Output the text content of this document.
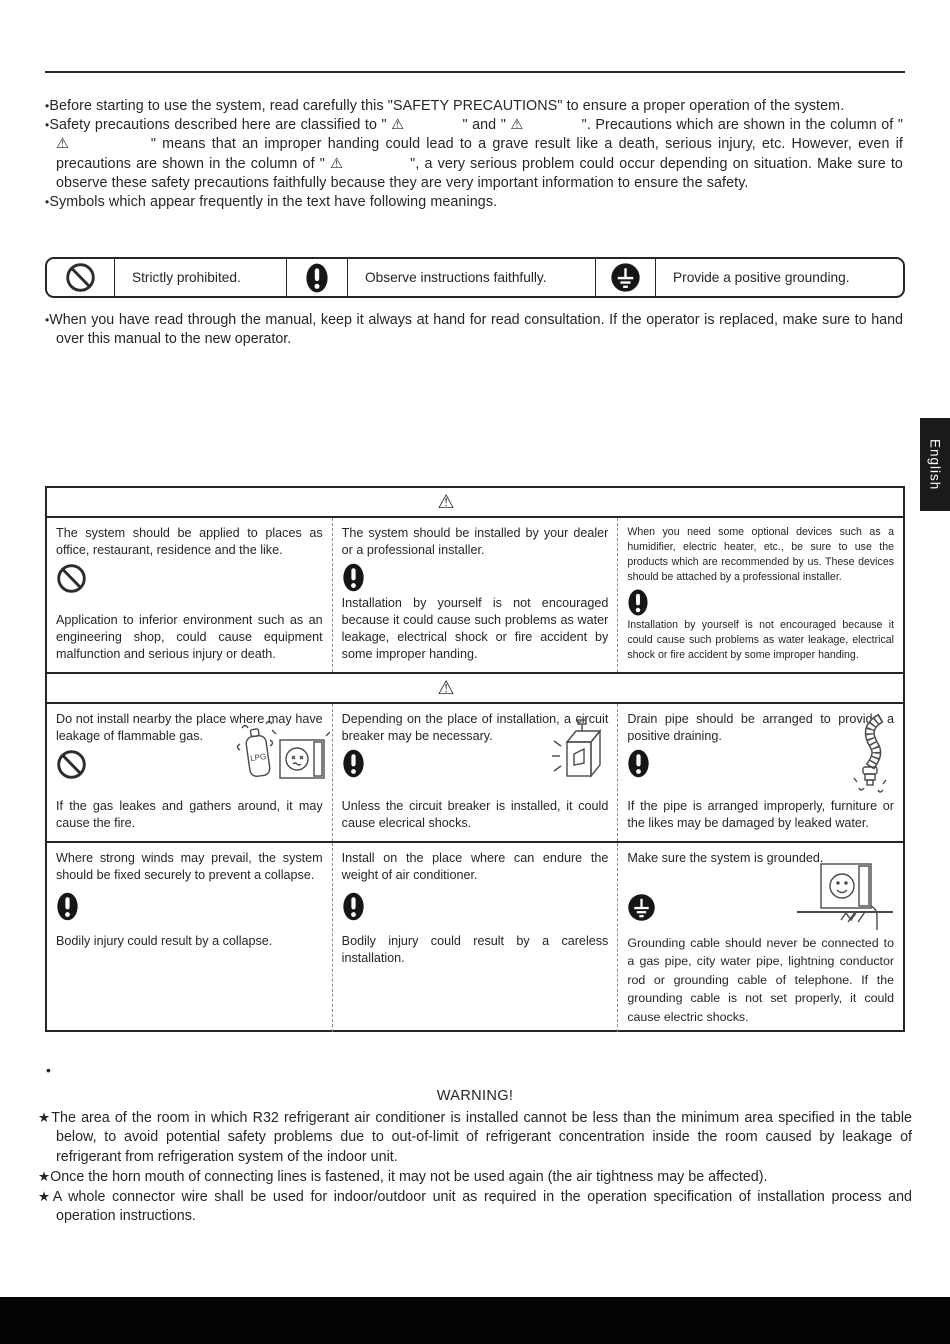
•Before starting to use the system, read carefully this "SAFETY PRECAUTIONS" to ensure a proper operation of the system.

•Safety precautions described here are classified to " ⚠             " and " ⚠             ". Precautions which are shown in the column of " ⚠             " means that an improper handing could lead to a grave result like a death, serious injury, etc. However, even if precautions are shown in the column of " ⚠             ", a very serious problem could occur depending on situation. Make sure to observe these safety precautions faithfully because they are very important information to ensure the safety.

•Symbols which appear frequently in the text have following meanings.

Strictly prohibited.	Observe instructions faithfully.	Provide a positive grounding.

•When you have read through the manual, keep it always at hand for read consultation. If the operator is replaced, make sure to hand over this manual to the new operator.

English
⚠

The system should be applied to places as office, restaurant, residence and the like.

Application to inferior environment such as an engineering shop, could cause equipment malfunction and serious injury or death.

The system should be installed by your dealer or a professional installer.

Installation by yourself is not encouraged because it could cause such problems as water leakage, electrical shock or fire accident by some improper handing.

When you need some optional devices such as a humidifier, electric heater, etc., be sure to use the products which are recommended by us. These devices should be attached by a professional installer.

Installation by yourself is not encouraged because it could cause such problems as water leakage, electrical shock or fire accident by some improper handing.

⚠

Do not install nearby the place where may have leakage of flammable gas.

LPG

If the gas leakes and gathers around, it may cause the fire.

Depending on the place of installation, a circuit breaker may be necessary.

Unless the circuit breaker is installed, it could cause elecrical shocks.

Drain pipe should be arranged to provide a positive draining.

If the pipe is arranged improperly, furniture or the likes may be damaged by leaked water.

Where strong winds may prevail, the system should be fixed securely to prevent a collapse.

Bodily injury could result by a collapse.

Install on the place where can endure the weight of air conditioner.

Bodily injury could result by a careless installation.

Make sure the system is grounded.

Grounding cable should never be connected to a gas pipe, city water pipe, lightning conductor rod or grounding cable of telephone. If the grounding cable is not set properly, it could cause electric shocks.

•
WARNING!

★The area of the room in which R32 refrigerant air conditioner is installed cannot be less than the minimum area specified in the table below, to avoid potential safety problems due to out-of-limit of refrigerant concentration inside the room caused by leakage of refrigerant from refrigeration system of the indoor unit.

★Once the horn mouth of connecting lines is fastened, it may not be used again (the air tightness may be affected).

★A whole connector wire shall be used for indoor/outdoor unit as required in the operation specification of installation process and operation instructions.
